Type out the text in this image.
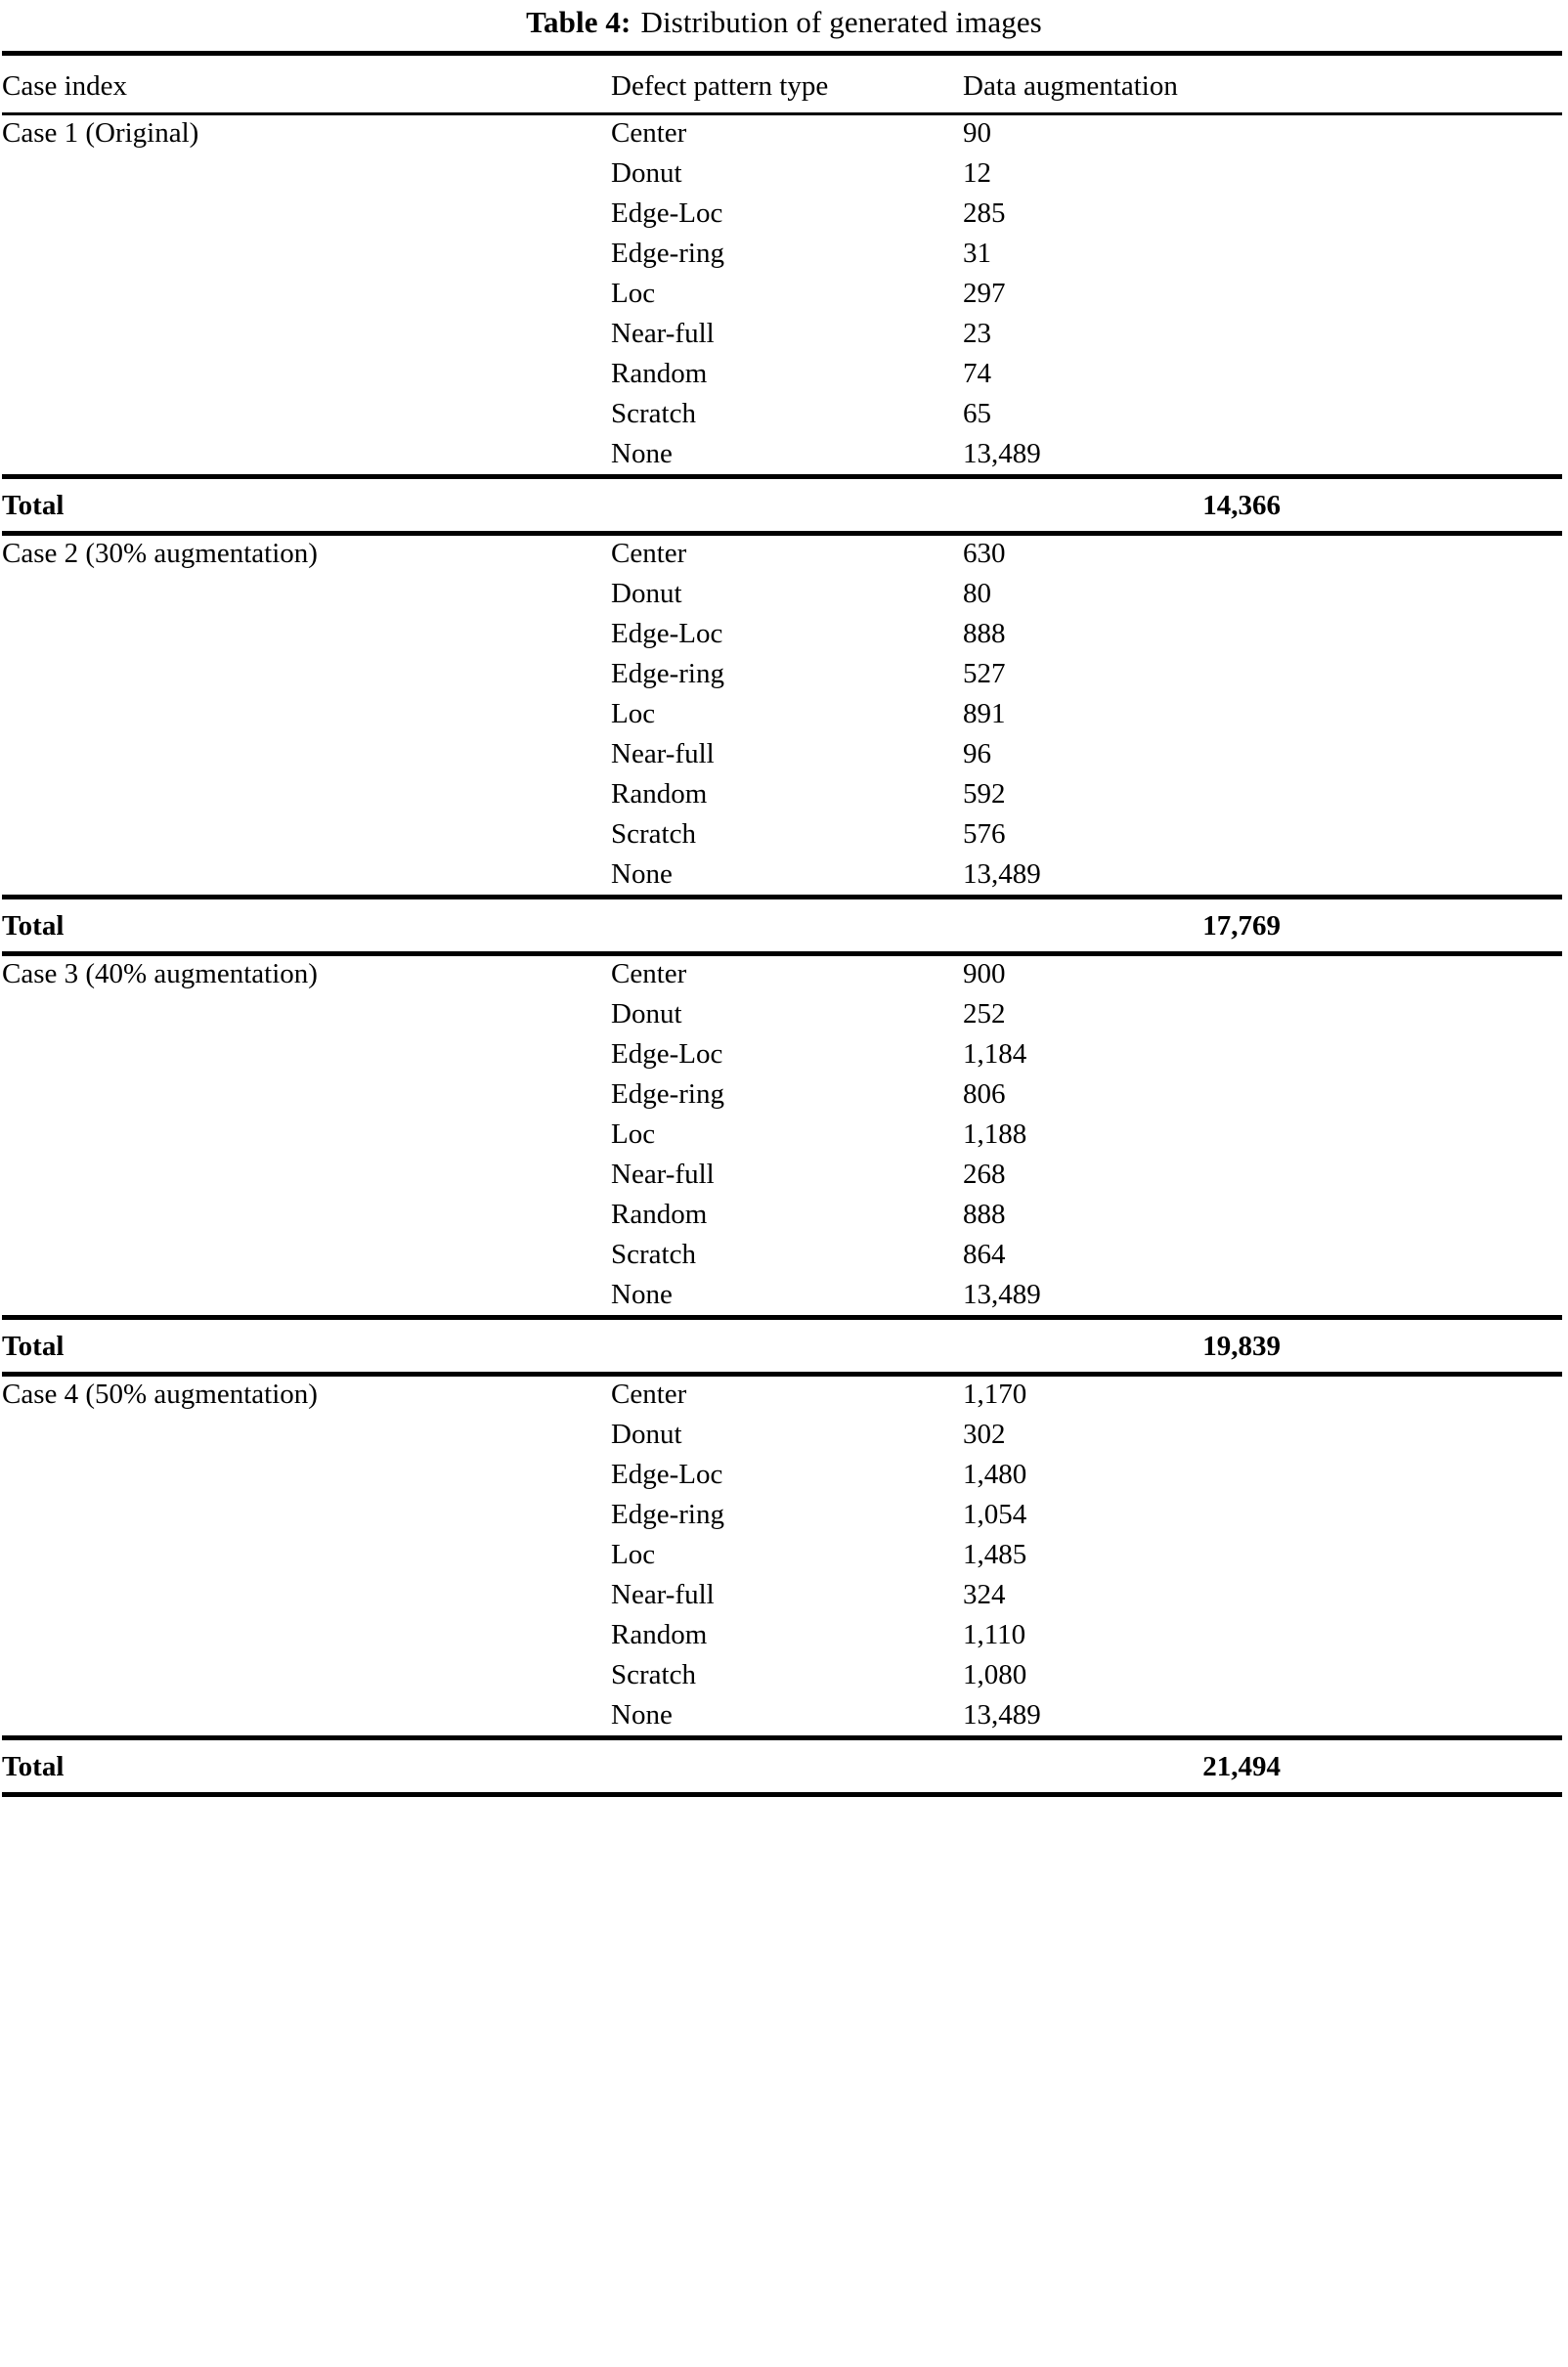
Table 4: Distribution of generated images

Case index	Defect pattern type	Data augmentation

Case 1 (Original)	Center	90
	Donut	12
	Edge-Loc	285
	Edge-ring	31
	Loc	297
	Near-full	23
	Random	74
	Scratch	65
	None	13,489

Total		14,366

Case 2 (30% augmentation)	Center	630
	Donut	80
	Edge-Loc	888
	Edge-ring	527
	Loc	891
	Near-full	96
	Random	592
	Scratch	576
	None	13,489

Total		17,769

Case 3 (40% augmentation)	Center	900
	Donut	252
	Edge-Loc	1,184
	Edge-ring	806
	Loc	1,188
	Near-full	268
	Random	888
	Scratch	864
	None	13,489

Total		19,839

Case 4 (50% augmentation)	Center	1,170
	Donut	302
	Edge-Loc	1,480
	Edge-ring	1,054
	Loc	1,485
	Near-full	324
	Random	1,110
	Scratch	1,080
	None	13,489

Total		21,494
